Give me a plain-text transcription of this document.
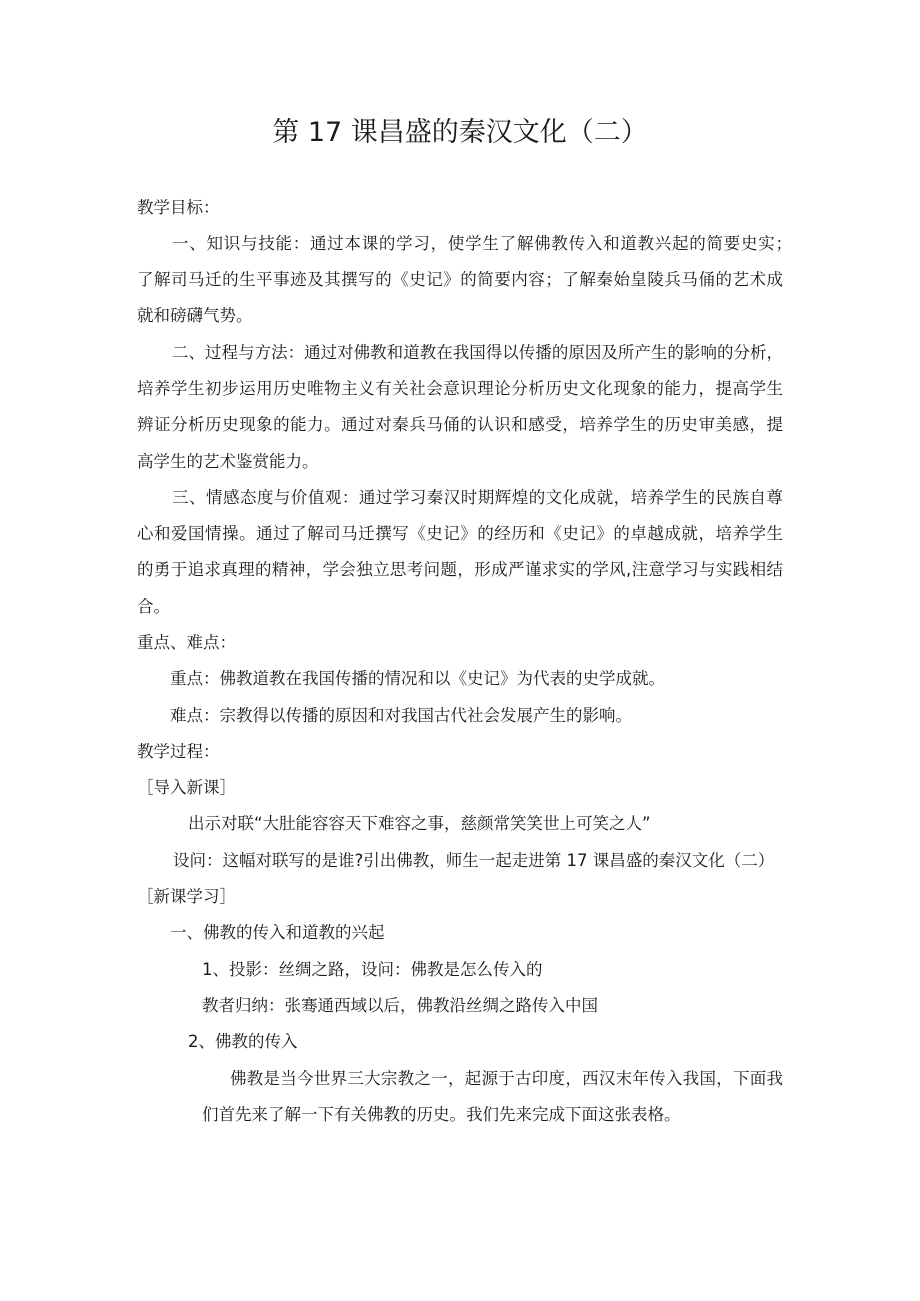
第 17 课昌盛的秦汉文化（二）
教学目标：
一、知识与技能：通过本课的学习，使学生了解佛教传入和道教兴起的简要史实；
了解司马迁的生平事迹及其撰写的《史记》的简要内容；了解秦始皇陵兵马俑的艺术成
就和磅礴气势。
二、过程与方法：通过对佛教和道教在我国得以传播的原因及所产生的影响的分析，
培养学生初步运用历史唯物主义有关社会意识理论分析历史文化现象的能力，提高学生
辨证分析历史现象的能力。通过对秦兵马俑的认识和感受，培养学生的历史审美感，提
高学生的艺术鉴赏能力。
三、情感态度与价值观：通过学习秦汉时期辉煌的文化成就，培养学生的民族自尊
心和爱国情操。通过了解司马迁撰写《史记》的经历和《史记》的卓越成就，培养学生
的勇于追求真理的精神，学会独立思考问题，形成严谨求实的学风,注意学习与实践相结
合。
重点、难点：
重点：佛教道教在我国传播的情况和以《史记》为代表的史学成就。
难点：宗教得以传播的原因和对我国古代社会发展产生的影响。
教学过程：
［导入新课］
出示对联“大肚能容容天下难容之事，慈颜常笑笑世上可笑之人”
设问：这幅对联写的是谁?引出佛教，师生一起走进第 17 课昌盛的秦汉文化（二）
［新课学习］
一、佛教的传入和道教的兴起
1、投影：丝绸之路，设问：佛教是怎么传入的
教者归纳：张骞通西域以后，佛教沿丝绸之路传入中国
2、佛教的传入
佛教是当今世界三大宗教之一，起源于古印度，西汉末年传入我国，下面我
们首先来了解一下有关佛教的历史。我们先来完成下面这张表格。
